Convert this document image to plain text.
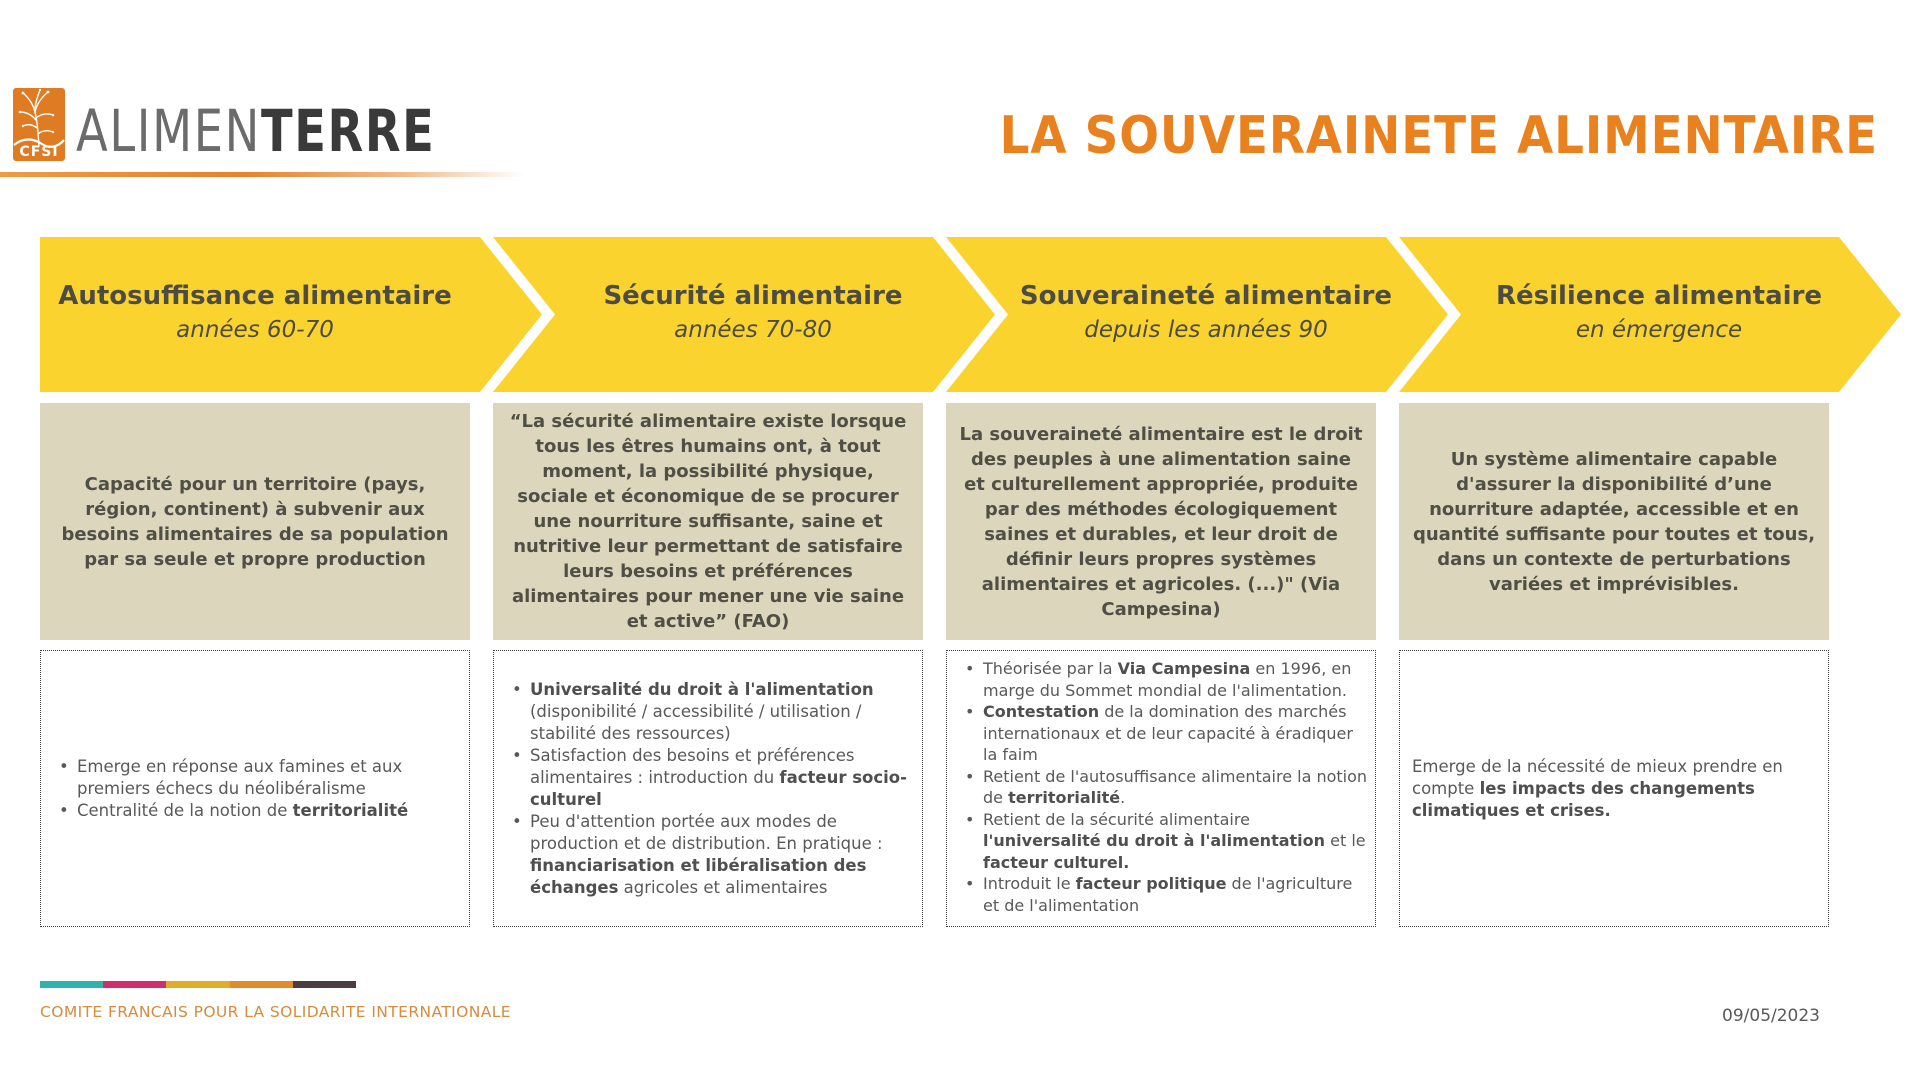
CFSI ALIMENTERRE	LA SOUVERAINETE ALIMENTAIRE
Autosuffisance alimentaire
années 60-70
Capacité pour un territoire (pays, région, continent) à subvenir aux besoins alimentaires de sa population par sa seule et propre production
• Emerge en réponse aux famines et aux premiers échecs du néolibéralisme
• Centralité de la notion de territorialité
Sécurité alimentaire
années 70-80
“La sécurité alimentaire existe lorsque tous les êtres humains ont, à tout moment, la possibilité physique, sociale et économique de se procurer une nourriture suffisante, saine et nutritive leur permettant de satisfaire leurs besoins et préférences alimentaires pour mener une vie saine et active” (FAO)
• Universalité du droit à l'alimentation (disponibilité / accessibilité / utilisation / stabilité des ressources)
• Satisfaction des besoins et préférences alimentaires : introduction du facteur socio-culturel
• Peu d'attention portée aux modes de production et de distribution. En pratique : financiarisation et libéralisation des échanges agricoles et alimentaires
Souveraineté alimentaire
depuis les années 90
La souveraineté alimentaire est le droit des peuples à une alimentation saine et culturellement appropriée, produite par des méthodes écologiquement saines et durables, et leur droit de définir leurs propres systèmes alimentaires et agricoles. (...)" (Via Campesina)
• Théorisée par la Via Campesina en 1996, en marge du Sommet mondial de l'alimentation.
• Contestation de la domination des marchés internationaux et de leur capacité à éradiquer la faim
• Retient de l'autosuffisance alimentaire la notion de territorialité.
• Retient de la sécurité alimentaire l'universalité du droit à l'alimentation et le facteur culturel.
• Introduit le facteur politique de l'agriculture et de l'alimentation
Résilience alimentaire
en émergence
Un système alimentaire capable d'assurer la disponibilité d’une nourriture adaptée, accessible et en quantité suffisante pour toutes et tous, dans un contexte de perturbations variées et imprévisibles.

Emerge de la nécessité de mieux prendre en compte les impacts des changements climatiques et crises.

COMITE FRANCAIS POUR LA SOLIDARITE INTERNATIONALE	09/05/2023
